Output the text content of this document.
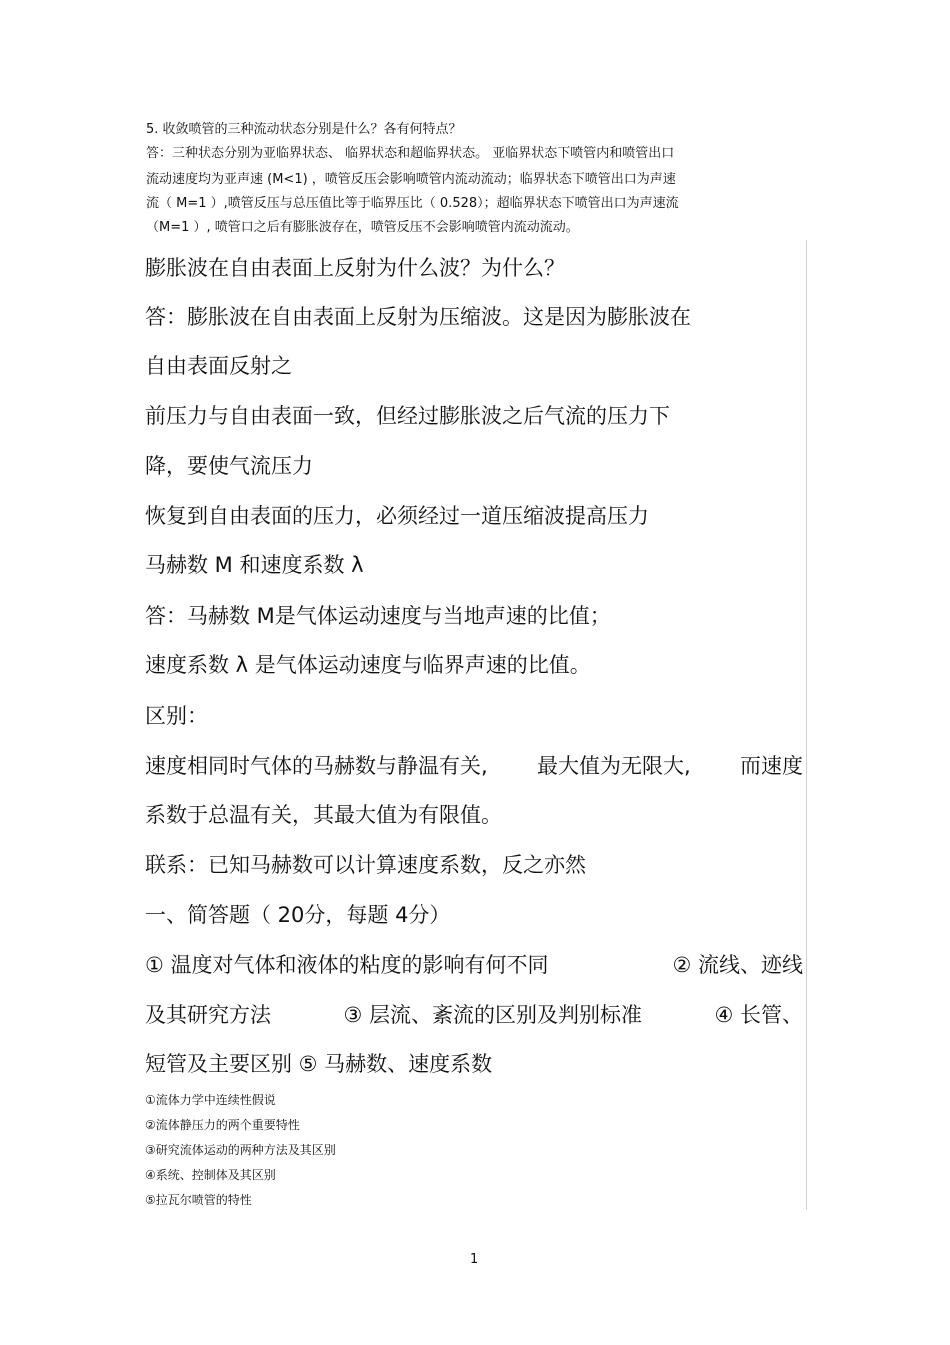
5. 收敛喷管的三种流动状态分别是什么？各有何特点？
答：三种状态分别为亚临界状态、 临界状态和超临界状态。 亚临界状态下喷管内和喷管出口
流动速度均为亚声速 (M<1) ，喷管反压会影响喷管内流动流动；临界状态下喷管出口为声速
流（ M=1 ）,喷管反压与总压值比等于临界压比（ 0.528）；超临界状态下喷管出口为声速流
（M=1 ）, 喷管口之后有膨胀波存在，喷管反压不会影响喷管内流动流动。
膨胀波在自由表面上反射为什么波？为什么？
答：膨胀波在自由表面上反射为压缩波。这是因为膨胀波在
自由表面反射之
前压力与自由表面一致，但经过膨胀波之后气流的压力下
降，要使气流压力
恢复到自由表面的压力，必须经过一道压缩波提高压力
马赫数 M 和速度系数 λ
答：马赫数 M是气体运动速度与当地声速的比值；
速度系数 λ 是气体运动速度与临界声速的比值。
区别：
速度相同时气体的马赫数与静温有关, 最大值为无限大, 而速度
系数于总温有关，其最大值为有限值。
联系：已知马赫数可以计算速度系数，反之亦然
一、简答题（ 20分，每题 4分）
① 温度对气体和液体的粘度的影响有何不同	② 流线、迹线
及其研究方法	③ 层流、紊流的区别及判别标准	④ 长管、
短管及主要区别 ⑤ 马赫数、速度系数
①流体力学中连续性假说
②流体静压力的两个重要特性
③研究流体运动的两种方法及其区别
④系统、控制体及其区别
⑤拉瓦尔喷管的特性
1
